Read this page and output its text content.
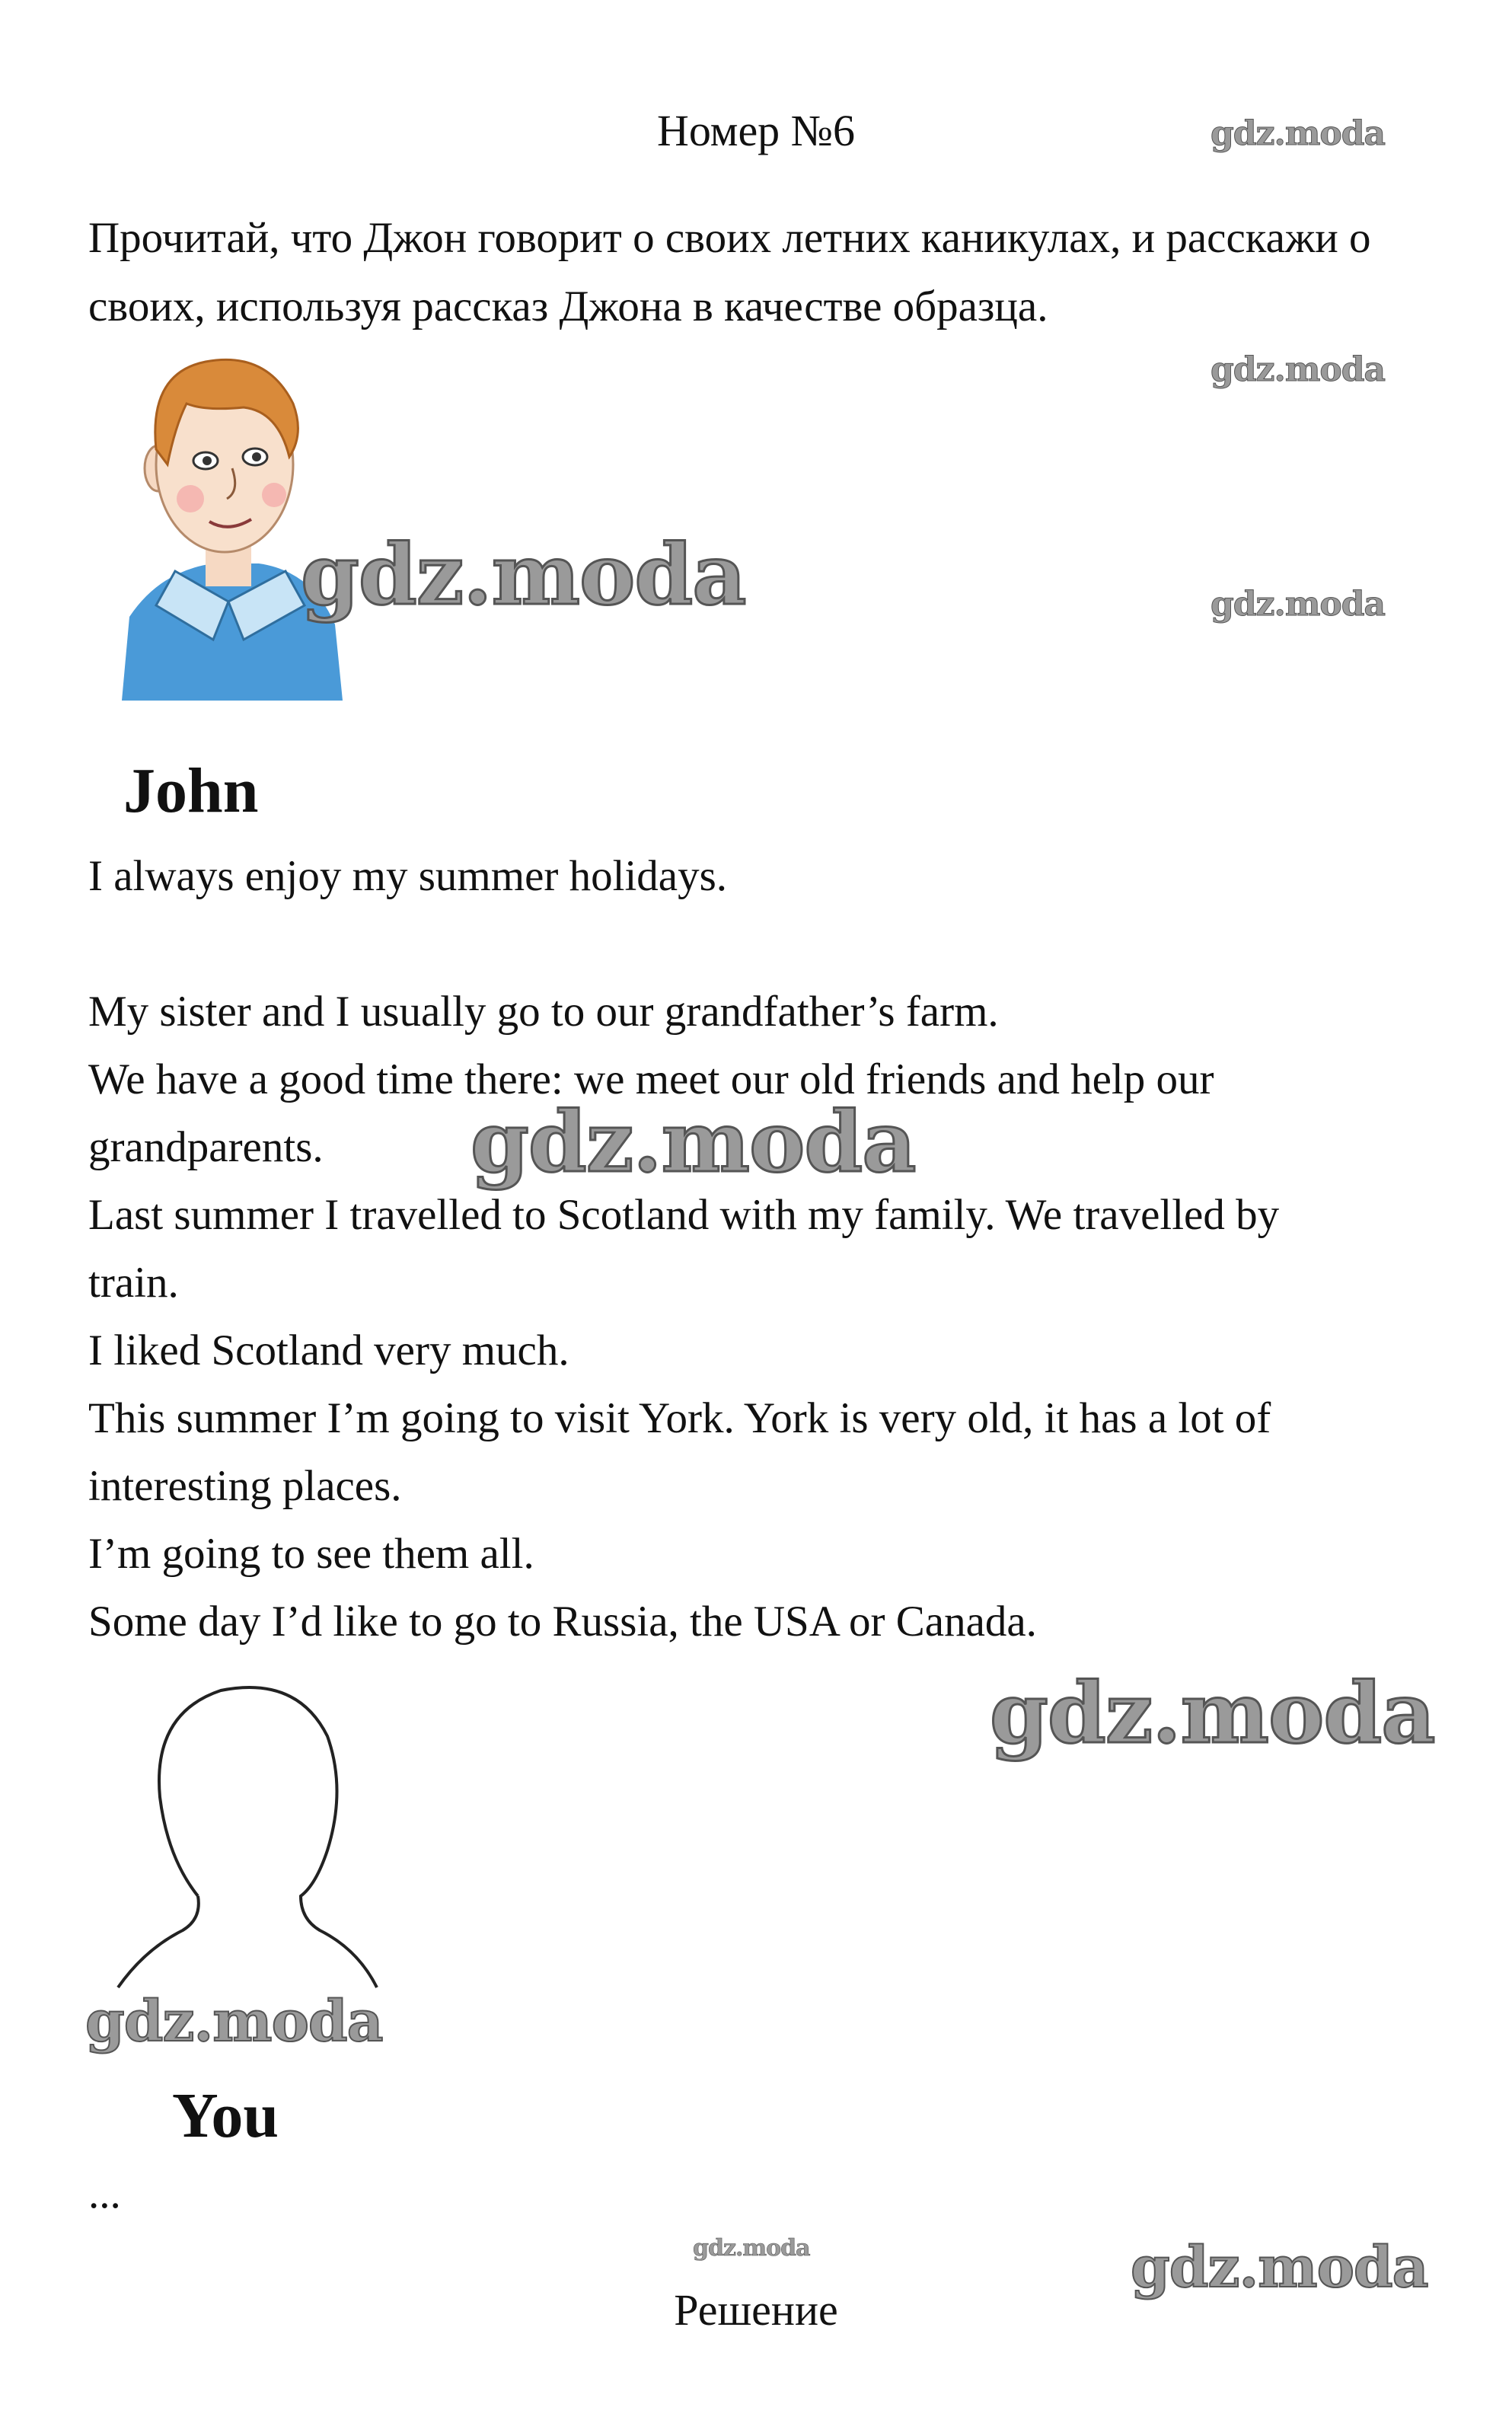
Номер №6
Прочитай, что Джон говорит о своих летних каникулах, и расскажи о своих, используя рассказ Джона в качестве образца.
John
I always enjoy my summer holidays.
My sister and I usually go to our grandfather’s farm.
We have a good time there: we meet our old friends and help our
grandparents.
Last summer I travelled to Scotland with my family. We travelled by
train.
I liked Scotland very much.
This summer I’m going to visit York. York is very old, it has a lot of
interesting places.
I’m going to see them all.
Some day I’d like to go to Russia, the USA or Canada.
You
...
Решение
gdz.moda
gdz.moda
gdz.moda
gdz.moda
gdz.moda
gdz.moda
gdz.moda
gdz.moda	gdz.moda
